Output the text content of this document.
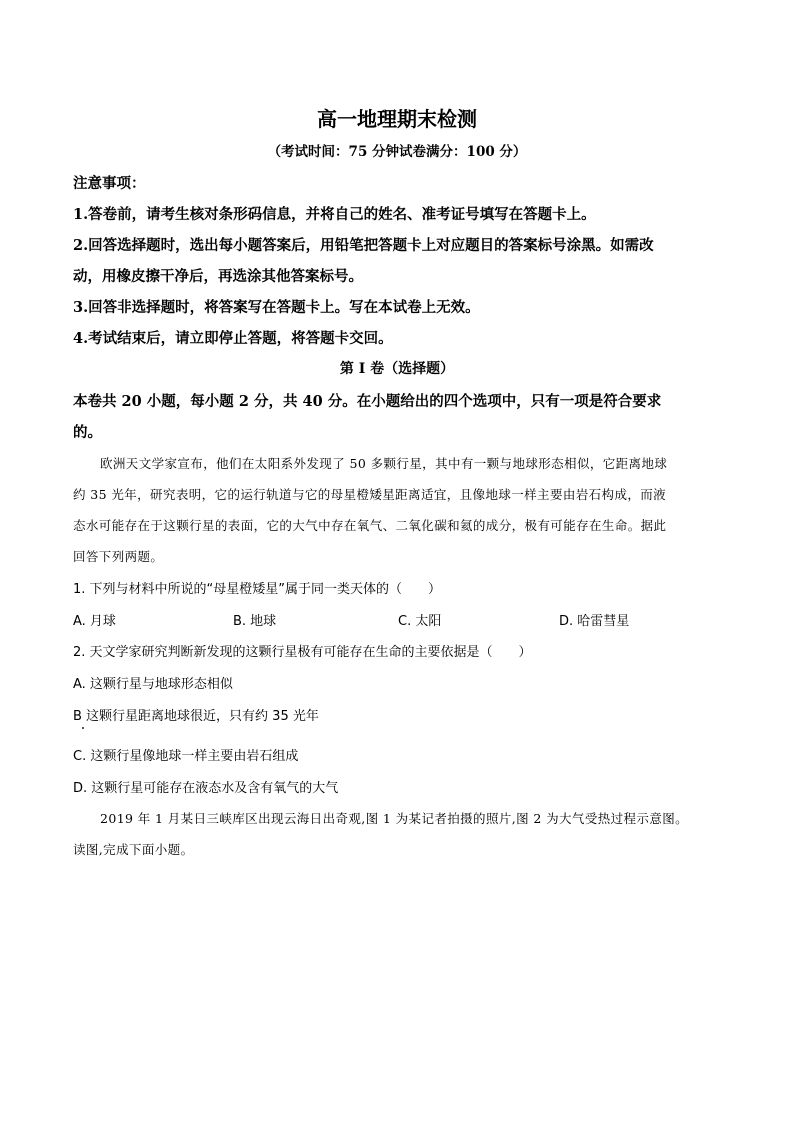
高一地理期末检测
（考试时间：75 分钟试卷满分：100 分）
注意事项：
1.答卷前，请考生核对条形码信息，并将自己的姓名、准考证号填写在答题卡上。
2.回答选择题时，选出每小题答案后，用铅笔把答题卡上对应题目的答案标号涂黑。如需改
动，用橡皮擦干净后，再选涂其他答案标号。
3.回答非选择题时，将答案写在答题卡上。写在本试卷上无效。
4.考试结束后，请立即停止答题，将答题卡交回。
第 I 卷（选择题）
本卷共 20 小题，每小题 2 分，共 40 分。在小题给出的四个选项中，只有一项是符合要求
的。
欧洲天文学家宣布，他们在太阳系外发现了 50 多颗行星，其中有一颗与地球形态相似，它距离地球
约 35 光年，研究表明，它的运行轨道与它的母星橙矮星距离适宜，且像地球一样主要由岩石构成，而液
态水可能存在于这颗行星的表面，它的大气中存在氧气、二氧化碳和氦的成分，极有可能存在生命。据此
回答下列两题。
1. 下列与材料中所说的“母星橙矮星”属于同一类天体的（　　）
A. 月球	B. 地球	C. 太阳	D. 哈雷彗星
2. 天文学家研究判断新发现的这颗行星极有可能存在生命的主要依据是（　　）
A. 这颗行星与地球形态相似
B 这颗行星距离地球很近，只有约 35 光年
C. 这颗行星像地球一样主要由岩石组成
D. 这颗行星可能存在液态水及含有氧气的大气
2019 年 1 月某日三峡库区出现云海日出奇观,图 1 为某记者拍摄的照片,图 2 为大气受热过程示意图。
读图,完成下面小题。
